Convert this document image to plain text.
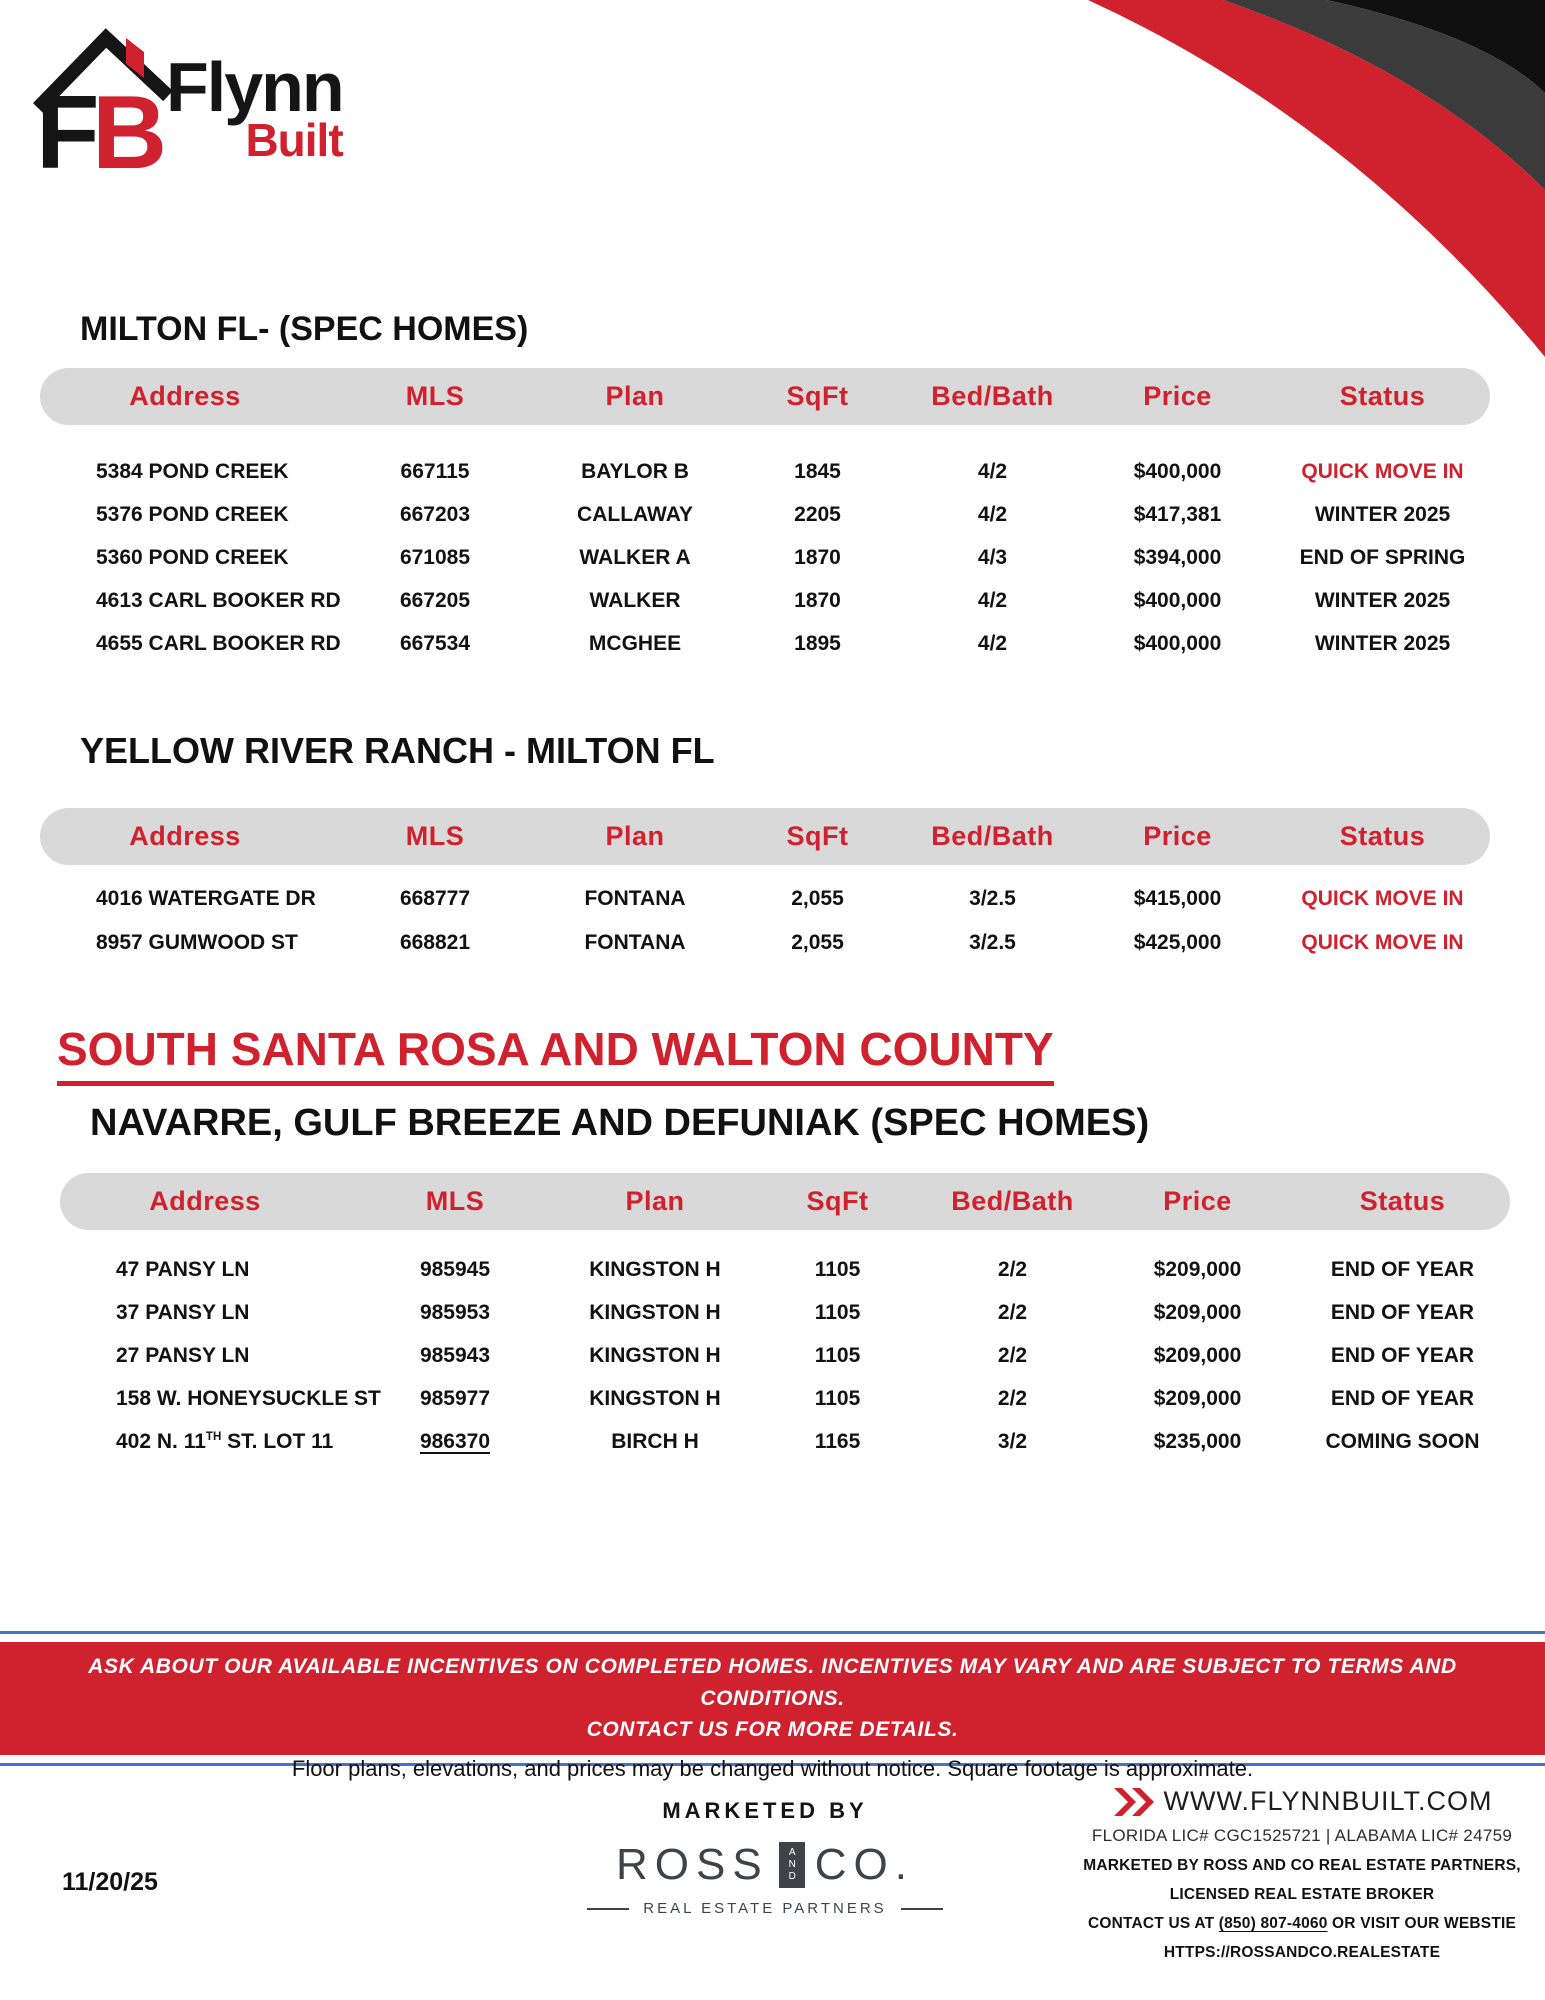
F
B
Flynn
Built
MILTON FL- (SPEC HOMES)
Address	MLS	Plan	SqFt	Bed/Bath	Price	Status
5384 POND CREEK	667115	BAYLOR B	1845	4/2	$400,000	QUICK MOVE IN
5376 POND CREEK	667203	CALLAWAY	2205	4/2	$417,381	WINTER 2025
5360 POND CREEK	671085	WALKER A	1870	4/3	$394,000	END OF SPRING
4613 CARL BOOKER RD	667205	WALKER	1870	4/2	$400,000	WINTER 2025
4655 CARL BOOKER RD	667534	MCGHEE	1895	4/2	$400,000	WINTER 2025
YELLOW RIVER RANCH - MILTON FL
Address	MLS	Plan	SqFt	Bed/Bath	Price	Status
4016 WATERGATE DR	668777	FONTANA	2,055	3/2.5	$415,000	QUICK MOVE IN
8957 GUMWOOD ST	668821	FONTANA	2,055	3/2.5	$425,000	QUICK MOVE IN
SOUTH SANTA ROSA AND WALTON COUNTY
NAVARRE, GULF BREEZE AND DEFUNIAK (SPEC HOMES)
Address	MLS	Plan	SqFt	Bed/Bath	Price	Status
47 PANSY LN	985945	KINGSTON H	1105	2/2	$209,000	END OF YEAR
37 PANSY LN	985953	KINGSTON H	1105	2/2	$209,000	END OF YEAR
27 PANSY LN	985943	KINGSTON H	1105	2/2	$209,000	END OF YEAR
158 W. HONEYSUCKLE ST	985977	KINGSTON H	1105	2/2	$209,000	END OF YEAR
402 N. 11TH ST. LOT 11	986370	BIRCH H	1165	3/2	$235,000	COMING SOON
ASK ABOUT OUR AVAILABLE INCENTIVES ON COMPLETED HOMES. INCENTIVES MAY VARY AND ARE SUBJECT TO TERMS AND CONDITIONS.
CONTACT US FOR MORE DETAILS.
Floor plans, elevations, and prices may be changed without notice. Square footage is approximate.
11/20/25
MARKETED BY
ROSS	AND CO.
REAL ESTATE PARTNERS
WWW.FLYNNBUILT.COM
FLORIDA LIC# CGC1525721 | ALABAMA LIC# 24759
MARKETED BY ROSS AND CO REAL ESTATE PARTNERS,
LICENSED REAL ESTATE BROKER
CONTACT US AT (850) 807-4060 OR VISIT OUR WEBSTIE
HTTPS://ROSSANDCO.REALESTATE
